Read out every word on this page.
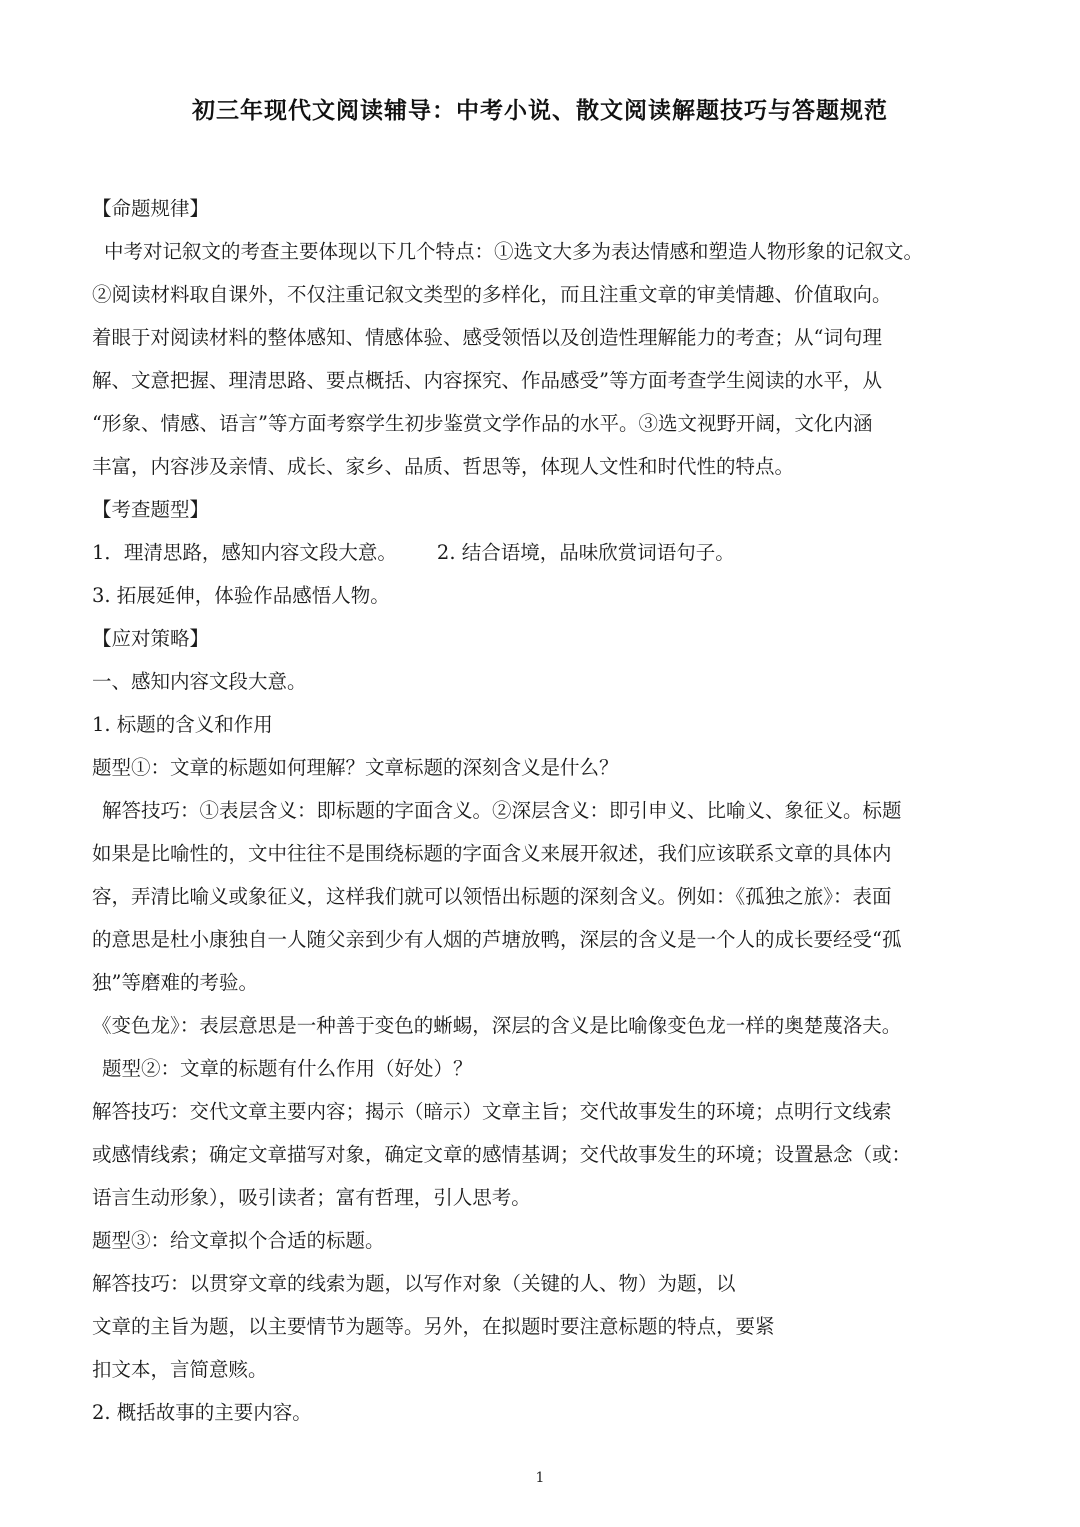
初三年现代文阅读辅导：中考小说、散文阅读解题技巧与答题规范
【命题规律】
中考对记叙文的考查主要体现以下几个特点：①选文大多为表达情感和塑造人物形象的记叙文。
②阅读材料取自课外，不仅注重记叙文类型的多样化，而且注重文章的审美情趣、价值取向。
着眼于对阅读材料的整体感知、情感体验、感受领悟以及创造性理解能力的考查；从“词句理
解、文意把握、理清思路、要点概括、内容探究、作品感受”等方面考查学生阅读的水平，从
“形象、情感、语言”等方面考察学生初步鉴赏文学作品的水平。③选文视野开阔，文化内涵
丰富，内容涉及亲情、成长、家乡、品质、哲思等，体现人文性和时代性的特点。
【考查题型】
1．理清思路，感知内容文段大意。 2. 结合语境，品味欣赏词语句子。
3. 拓展延伸，体验作品感悟人物。
【应对策略】
一、感知内容文段大意。
1. 标题的含义和作用
题型①：文章的标题如何理解？文章标题的深刻含义是什么？
解答技巧：①表层含义：即标题的字面含义。②深层含义：即引申义、比喻义、象征义。标题
如果是比喻性的，文中往往不是围绕标题的字面含义来展开叙述，我们应该联系文章的具体内
容，弄清比喻义或象征义，这样我们就可以领悟出标题的深刻含义。例如：《孤独之旅》：表面
的意思是杜小康独自一人随父亲到少有人烟的芦塘放鸭，深层的含义是一个人的成长要经受“孤
独”等磨难的考验。
《变色龙》：表层意思是一种善于变色的蜥蜴，深层的含义是比喻像变色龙一样的奥楚蔑洛夫。
题型②：文章的标题有什么作用（好处）？
解答技巧：交代文章主要内容；揭示（暗示）文章主旨；交代故事发生的环境；点明行文线索
或感情线索；确定文章描写对象，确定文章的感情基调；交代故事发生的环境；设置悬念（或：
语言生动形象），吸引读者；富有哲理，引人思考。
题型③：给文章拟个合适的标题。
解答技巧：以贯穿文章的线索为题，以写作对象（关键的人、物）为题，以
文章的主旨为题，以主要情节为题等。另外，在拟题时要注意标题的特点，要紧
扣文本，言简意赅。
2. 概括故事的主要内容。
1
